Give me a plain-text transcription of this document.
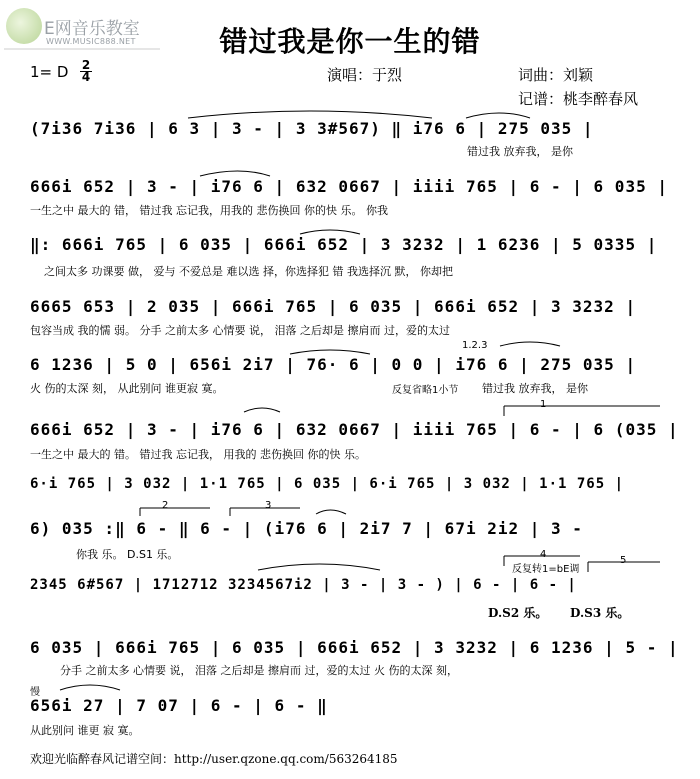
E网音乐教室
WWW.MUSIC888.NET	错过我是你一生的错
1= D 2
4	演唱：于烈	词曲：刘颖
记谱：桃李醉春风
(7i36 7i36 | 6 3 | 3 - | 3 3#567) ‖ i76 6 | 275 035 |
错过我 放弃我， 是你
666i 652 | 3 - | i76 6 | 632 0667 | iiii 765 | 6 - | 6 035 |
一生之中 最大的 错， 错过我 忘记我，用我的 悲伤换回 你的快 乐。 你我
‖: 666i 765 | 6 035 | 666i 652 | 3 3232 | 1 6236 | 5 0335 |
之间太多 功课要 做， 爱与 不爱总是 难以选 择，你选择犯 错 我选择沉 默， 你却把
6665 653 | 2 035 | 666i 765 | 6 035 | 666i 652 | 3 3232 |
包容当成 我的懦 弱。 分手 之前太多 心情要 说， 泪落 之后却是 擦肩而 过，爱的太过
6 1236 | 5 0 | 656i 2i7 | 76· 6 | 0 0 | i76 6 | 275 035 |
火 伤的太深 刻， 从此别问 谁更寂 寞。	反复省略1小节 错过我 放弃我， 是你
1.2.3
1
666i 652 | 3 - | i76 6 | 632 0667 | iiii 765 | 6 - | 6 (035 |
一生之中 最大的 错。 错过我 忘记我， 用我的 悲伤换回 你的快 乐。
6·i 765 | 3 032 | 1·1 765 | 6 035 | 6·i 765 | 3 032 | 1·1 765 |
2	3
6) 035 :‖ 6 - ‖ 6 - | (i76 6 | 2i7 7 | 67i 2i2 | 3 -
你我 乐。 D.S1 乐。
2345 6#567 | 1712712 3234567i2 | 3 - | 3 - ) | 6 - | 6 - |
反复转1=bE调
4
5
D.S2 乐。 D.S3 乐。
6 035 | 666i 765 | 6 035 | 666i 652 | 3 3232 | 6 1236 | 5 - |
分手 之前太多 心情要 说， 泪落 之后却是 擦肩而 过，爱的太过 火 伤的太深 刻，
慢
656i 27 | 7 07 | 6 - | 6 - ‖
从此别问 谁更 寂 寞。
欢迎光临醉春风记谱空间：http://user.qzone.qq.com/563264185
